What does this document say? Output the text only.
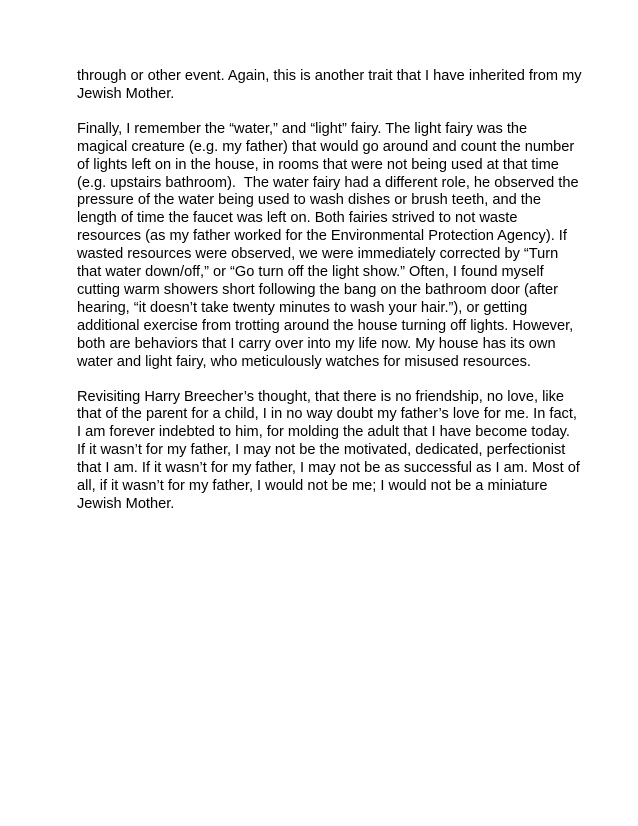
through or other event. Again, this is another trait that I have inherited from my
Jewish Mother.

Finally, I remember the “water,” and “light” fairy. The light fairy was the
magical creature (e.g. my father) that would go around and count the number
of lights left on in the house, in rooms that were not being used at that time
(e.g. upstairs bathroom).  The water fairy had a different role, he observed the
pressure of the water being used to wash dishes or brush teeth, and the
length of time the faucet was left on. Both fairies strived to not waste
resources (as my father worked for the Environmental Protection Agency). If
wasted resources were observed, we were immediately corrected by “Turn
that water down/off,” or “Go turn off the light show.” Often, I found myself
cutting warm showers short following the bang on the bathroom door (after
hearing, “it doesn’t take twenty minutes to wash your hair.”), or getting
additional exercise from trotting around the house turning off lights. However,
both are behaviors that I carry over into my life now. My house has its own
water and light fairy, who meticulously watches for misused resources.

Revisiting Harry Breecher’s thought, that there is no friendship, no love, like
that of the parent for a child, I in no way doubt my father’s love for me. In fact,
I am forever indebted to him, for molding the adult that I have become today.
If it wasn’t for my father, I may not be the motivated, dedicated, perfectionist
that I am. If it wasn’t for my father, I may not be as successful as I am. Most of
all, if it wasn’t for my father, I would not be me; I would not be a miniature
Jewish Mother.
